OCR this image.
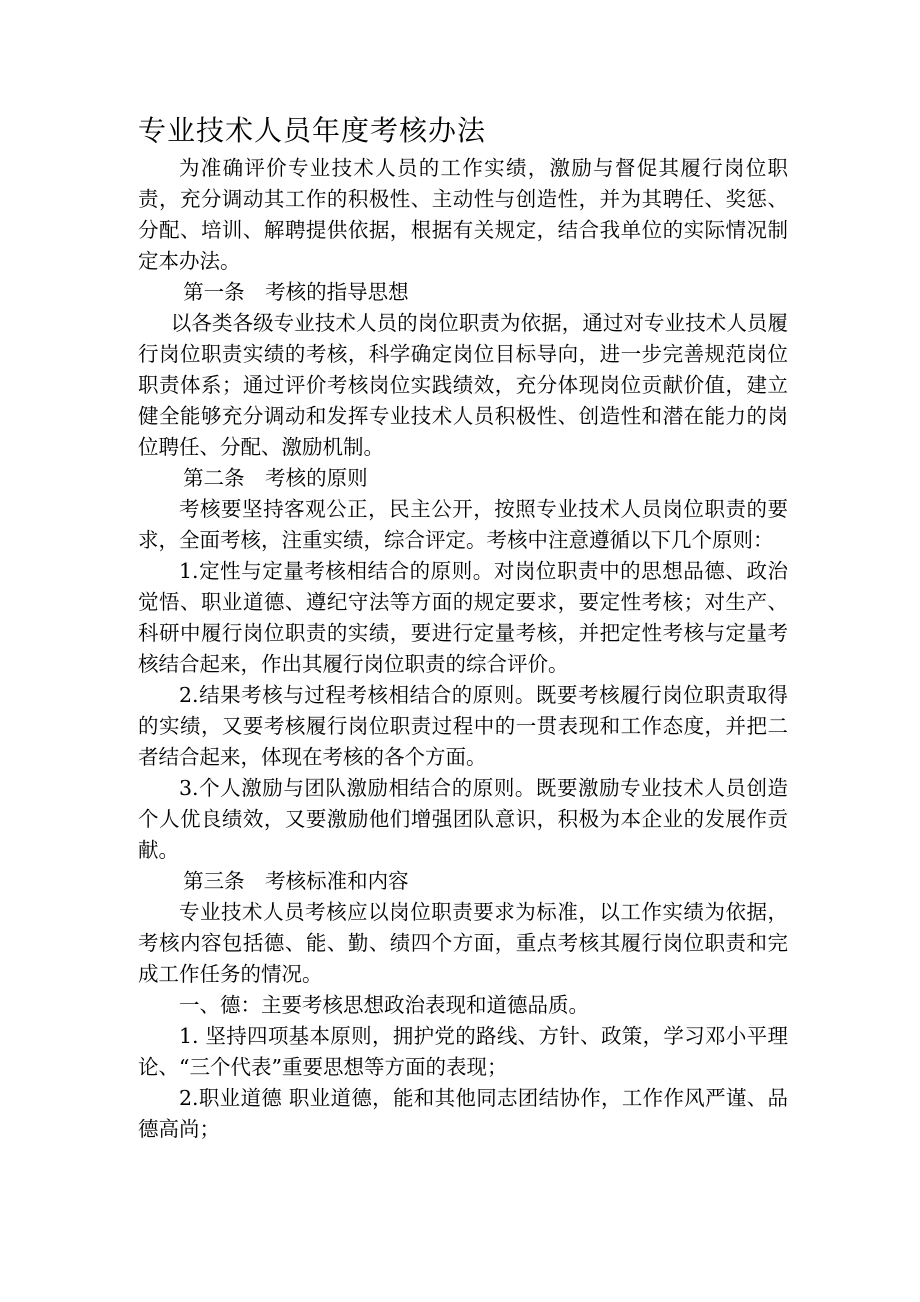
专业技术人员年度考核办法

为准确评价专业技术人员的工作实绩，激励与督促其履行岗位职责，充分调动其工作的积极性、主动性与创造性，并为其聘任、奖惩、分配、培训、解聘提供依据，根据有关规定，结合我单位的实际情况制定本办法。

第一条　考核的指导思想

以各类各级专业技术人员的岗位职责为依据，通过对专业技术人员履行岗位职责实绩的考核，科学确定岗位目标导向，进一步完善规范岗位职责体系；通过评价考核岗位实践绩效，充分体现岗位贡献价值，建立健全能够充分调动和发挥专业技术人员积极性、创造性和潜在能力的岗位聘任、分配、激励机制。

第二条　考核的原则

考核要坚持客观公正，民主公开，按照专业技术人员岗位职责的要求，全面考核，注重实绩，综合评定。考核中注意遵循以下几个原则：

1.定性与定量考核相结合的原则。对岗位职责中的思想品德、政治觉悟、职业道德、遵纪守法等方面的规定要求，要定性考核；对生产、科研中履行岗位职责的实绩，要进行定量考核，并把定性考核与定量考核结合起来，作出其履行岗位职责的综合评价。

2.结果考核与过程考核相结合的原则。既要考核履行岗位职责取得的实绩，又要考核履行岗位职责过程中的一贯表现和工作态度，并把二者结合起来，体现在考核的各个方面。

3.个人激励与团队激励相结合的原则。既要激励专业技术人员创造个人优良绩效，又要激励他们增强团队意识，积极为本企业的发展作贡献。

第三条　考核标准和内容

专业技术人员考核应以岗位职责要求为标准，以工作实绩为依据，考核内容包括德、能、勤、绩四个方面，重点考核其履行岗位职责和完成工作任务的情况。

一、德：主要考核思想政治表现和道德品质。

1. 坚持四项基本原则，拥护党的路线、方针、政策，学习邓小平理论、“三个代表”重要思想等方面的表现；

2.职业道德 职业道德，能和其他同志团结协作，工作作风严谨、品德高尚；
